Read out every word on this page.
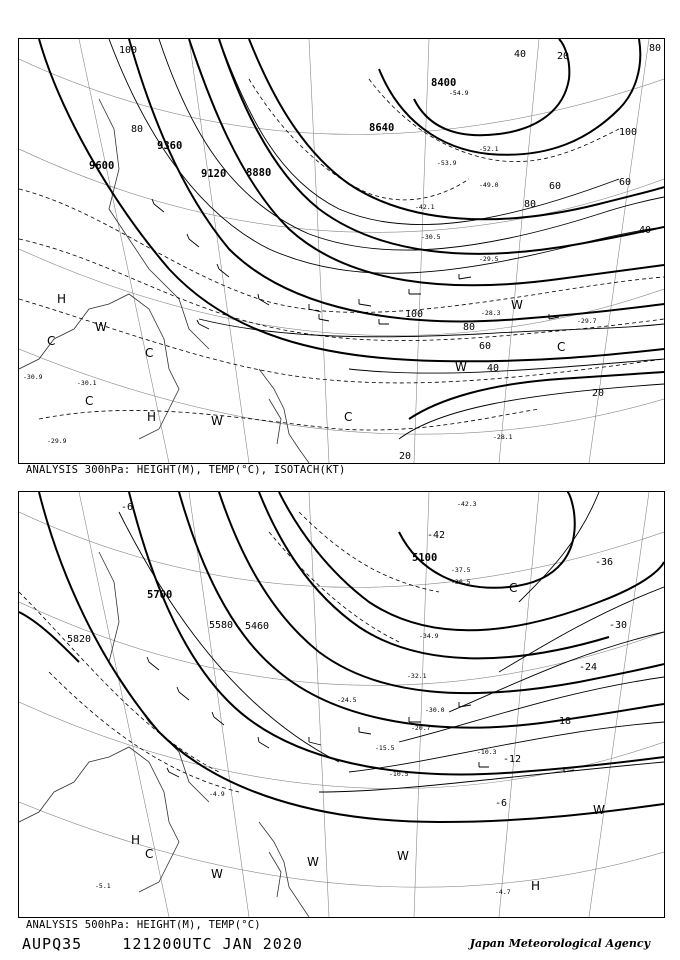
9600
9360
9120 8880
8640
8400
100
80
100
80
60
40
20
20
80
60
100
60
40
40	20
80
H
H
C
C
C
C
C
W
W
W
W
-53.9
-52.1
-54.9
-49.0
-42.1
-30.5
-29.5
-28.3
-29.7
-30.1
-29.9	-28.1
-30.9
ANALYSIS 300hPa: HEIGHT(M), TEMP(°C), ISOTACH(KT)
5820
5700
5580 5460
5100
-42
-36
-30
-24
-18
-12
-6
-6
H
H
C
C
W
W
W
W
-42.3
-37.5
-36.5
-34.9
-32.1
-30.0
-24.5
-20.7
-15.5
-10.5
-10.3
-4.9
-4.7
-5.1
ANALYSIS 500hPa: HEIGHT(M), TEMP(°C)
AUPQ35	121200UTC JAN 2020	Japan Meteorological Agency
